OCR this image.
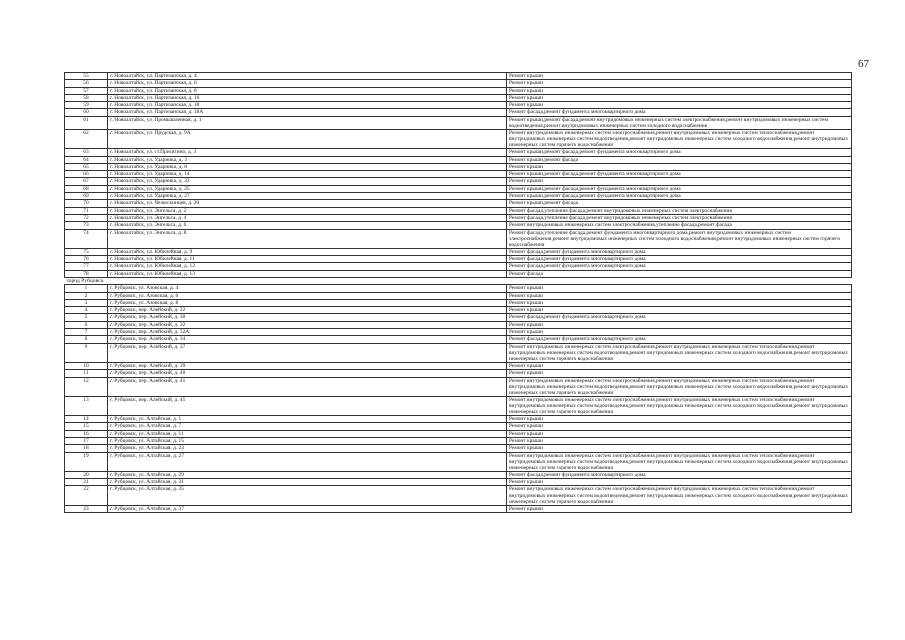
67
55	г. Новоалтайск, ул. Партизанская, д. 4	Ремонт крыши
56	г. Новоалтайск, ул. Партизанская, д. 6	Ремонт крыши
57	г. Новоалтайск, ул. Партизанская, д. 8	Ремонт крыши
58	г. Новоалтайск, ул. Партизанская, д. 16	Ремонт крыши
59	г. Новоалтайск, ул. Партизанская, д. 18	Ремонт крыши
60	г. Новоалтайск, ул. Партизанская, д. 18А	Ремонт фасада,ремонт фундамента многоквартирного дома
61	г. Новоалтайск, ул. Промышленная, д. 1	Ремонт крыши,ремонт фасада,ремонт внутридомовых инженерных систем электроснабжения,ремонт внутридомовых инженерных систем водоотведения,ремонт внутридомовых инженерных систем холодного водоснабжения
62	г. Новоалтайск, ул. Прудская, д. 9А	Ремонт внутридомовых инженерных систем электроснабжения,ремонт внутридомовых инженерных систем теплоснабжения,ремонт внутридомовых инженерных систем водоотведения,ремонт внутридомовых инженерных систем холодного водоснабжения,ремонт внутридомовых инженерных систем горячего водоснабжения
63	г. Новоалтайск, ул. ст.Присягино, д. 3	Ремонт крыши,ремонт фасада,ремонт фундамента многоквартирного дома
64	г. Новоалтайск, ул. Ударника, д. 3	Ремонт крыши,ремонт фасада
65	г. Новоалтайск, ул. Ударника, д. 8	Ремонт крыши
66	г. Новоалтайск, ул. Ударника, д. 14	Ремонт крыши,ремонт фасада,ремонт фундамента многоквартирного дома
67	г. Новоалтайск, ул. Ударника, д. 22	Ремонт крыши
68	г. Новоалтайск, ул. Ударника, д. 25	Ремонт крыши,ремонт фасада,ремонт фундамента многоквартирного дома
69	г. Новоалтайск, ул. Ударника, д. 27	Ремонт крыши,ремонт фасада,ремонт фундамента многоквартирного дома
70	г. Новоалтайск, ул. Челюскинцев, д. 20	Ремонт крыши,ремонт фасада
71	г. Новоалтайск, ул. Энгельса, д. 2	Ремонт фасада,утепление фасада,ремонт внутридомовых инженерных систем электроснабжения
72	г. Новоалтайск, ул. Энгельса, д. 4	Ремонт фасада,утепление фасада,ремонт внутридомовых инженерных систем электроснабжения
73	г. Новоалтайск, ул. Энгельса, д. 6	Ремонт внутридомовых инженерных систем электроснабжения,утепление фасада,ремонт фасада
74	г. Новоалтайск, ул. Энгельса, д. 8	Ремонт фасада,утепление фасада,ремонт фундамента многоквартирного дома,ремонт внутридомовых инженерных систем электроснабжения,ремонт внутридомовых инженерных систем холодного водоснабжения,ремонт внутридомовых инженерных систем горячего водоснабжения
75	г. Новоалтайск, ул. Юбилейная, д. 9	Ремонт фасада,ремонт фундамента многоквартирного дома
76	г. Новоалтайск, ул. Юбилейная, д. 11	Ремонт фасада,ремонт фундамента многоквартирного дома
77	г. Новоалтайск, ул. Юбилейная, д. 12	Ремонт фасада,ремонт фундамента многоквартирного дома
78	г. Новоалтайск, ул. Юбилейная, д. 13	Ремонт фасада
город Рубцовск		
1	г. Рубцовск, ул. Азовская, д. 4	Ремонт крыши
2	г. Рубцовск, ул. Азовская, д. 6	Ремонт крыши
3	г. Рубцовск, ул. Азовская, д. 8	Ремонт крыши
4	г. Рубцовск, пер. Алейский, д. 22	Ремонт крыши
5	г. Рубцовск, пер. Алейский, д. 30	Ремонт фасада,ремонт фундамента многоквартирного дома
6	г. Рубцовск, пер. Алейский, д. 32	Ремонт крыши
7	г. Рубцовск, пер. Алейский, д. 32А	Ремонт крыши
8	г. Рубцовск, пер. Алейский, д. 34	Ремонт фасада,ремонт фундамента многоквартирного дома
9	г. Рубцовск, пер. Алейский, д. 37	Ремонт внутридомовых инженерных систем электроснабжения,ремонт внутридомовых инженерных систем теплоснабжения,ремонт внутридомовых инженерных систем водоотведения,ремонт внутридомовых инженерных систем холодного водоснабжения,ремонт внутридомовых инженерных систем горячего водоснабжения
10	г. Рубцовск, пер. Алейский, д. 39	Ремонт крыши
11	г. Рубцовск, пер. Алейский, д. 40	Ремонт крыши
12	г. Рубцовск, пер. Алейский, д. 41	Ремонт внутридомовых инженерных систем электроснабжения,ремонт внутридомовых инженерных систем теплоснабжения,ремонт внутридомовых инженерных систем водоотведения,ремонт внутридомовых инженерных систем холодного водоснабжения,ремонт внутридомовых инженерных систем горячего водоснабжения
13	г. Рубцовск, пер. Алейский, д. 45	Ремонт внутридомовых инженерных систем электроснабжения,ремонт внутридомовых инженерных систем теплоснабжения,ремонт внутридомовых инженерных систем водоотведения,ремонт внутридомовых инженерных систем холодного водоснабжения,ремонт внутридомовых инженерных систем горячего водоснабжения
14	г. Рубцовск, ул. Алтайская, д. 1	Ремонт крыши
15	г. Рубцовск, ул. Алтайская, д. 7	Ремонт крыши
16	г. Рубцовск, ул. Алтайская, д. 11	Ремонт крыши
17	г. Рубцовск, ул. Алтайская, д. 15	Ремонт крыши
18	г. Рубцовск, ул. Алтайская, д. 23	Ремонт крыши
19	г. Рубцовск, ул. Алтайская, д. 27	Ремонт внутридомовых инженерных систем электроснабжения,ремонт внутридомовых инженерных систем теплоснабжения,ремонт внутридомовых инженерных систем водоотведения,ремонт внутридомовых инженерных систем холодного водоснабжения,ремонт внутридомовых инженерных систем горячего водоснабжения
20	г. Рубцовск, ул. Алтайская, д. 29	Ремонт фасада,ремонт фундамента многоквартирного дома
21	г. Рубцовск, ул. Алтайская, д. 31	Ремонт крыши
22	г. Рубцовск, ул. Алтайская, д. 35	Ремонт внутридомовых инженерных систем электроснабжения,ремонт внутридомовых инженерных систем теплоснабжения,ремонт внутридомовых инженерных систем водоотведения,ремонт внутридомовых инженерных систем холодного водоснабжения,ремонт внутридомовых инженерных систем горячего водоснабжения
23	г. Рубцовск, ул. Алтайская, д. 37	Ремонт крыши
